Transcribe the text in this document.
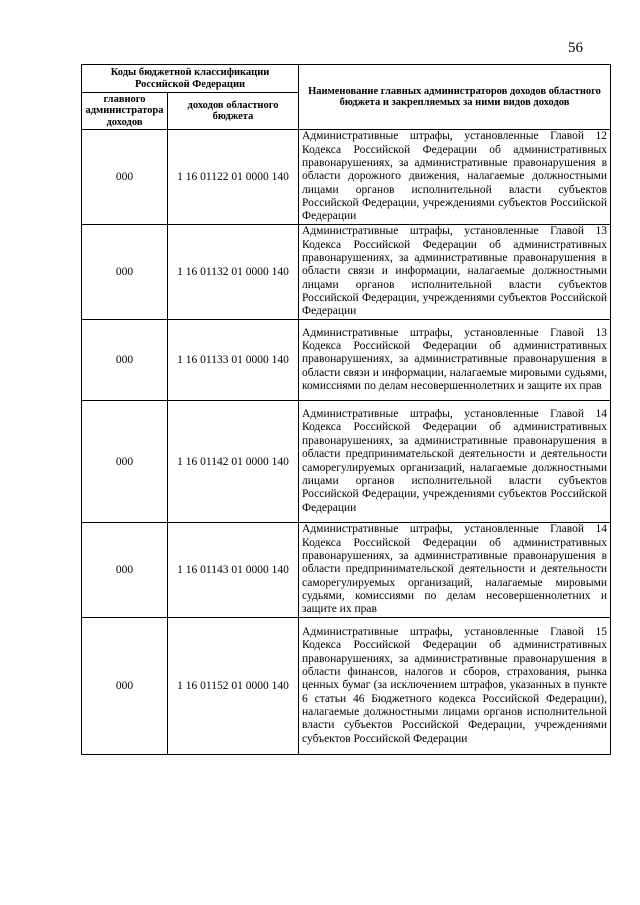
56
Коды бюджетной классификации Российской Федерации		Наименование главных администраторов доходов областного бюджета и закрепляемых за ними видов доходов
главного администратора доходов	доходов областного бюджета	
000	1 16 01122 01 0000 140	Административные штрафы, установленные Главой 12 Кодекса Российской Федерации об административных правонарушениях, за административные правонарушения в области дорожного движения, налагаемые должностными лицами органов исполнительной власти субъектов Российской Федерации, учреждениями субъектов Российской Федерации
000	1 16 01132 01 0000 140	Административные штрафы, установленные Главой 13 Кодекса Российской Федерации об административных правонарушениях, за административные правонарушения в области связи и информации, налагаемые должностными лицами органов исполнительной власти субъектов Российской Федерации, учреждениями субъектов Российской Федерации
000	1 16 01133 01 0000 140	Административные штрафы, установленные Главой 13 Кодекса Российской Федерации об административных правонарушениях, за административные правонарушения в области связи и информации, налагаемые мировыми судьями, комиссиями по делам несовершеннолетних и защите их прав
000	1 16 01142 01 0000 140	Административные штрафы, установленные Главой 14 Кодекса Российской Федерации об административных правонарушениях, за административные правонарушения в области предпринимательской деятельности и деятельности саморегулируемых организаций, налагаемые должностными лицами органов исполнительной власти субъектов Российской Федерации, учреждениями субъектов Российской Федерации
000	1 16 01143 01 0000 140	Административные штрафы, установленные Главой 14 Кодекса Российской Федерации об административных правонарушениях, за административные правонарушения в области предпринимательской деятельности и деятельности саморегулируемых организаций, налагаемые мировыми судьями, комиссиями по делам несовершеннолетних и защите их прав
000	1 16 01152 01 0000 140	Административные штрафы, установленные Главой 15 Кодекса Российской Федерации об административных правонарушениях, за административные правонарушения в области финансов, налогов и сборов, страхования, рынка ценных бумаг (за исключением штрафов, указанных в пункте 6 статьи 46 Бюджетного кодекса Российской Федерации), налагаемые должностными лицами органов исполнительной власти субъектов Российской Федерации, учреждениями субъектов Российской Федерации
